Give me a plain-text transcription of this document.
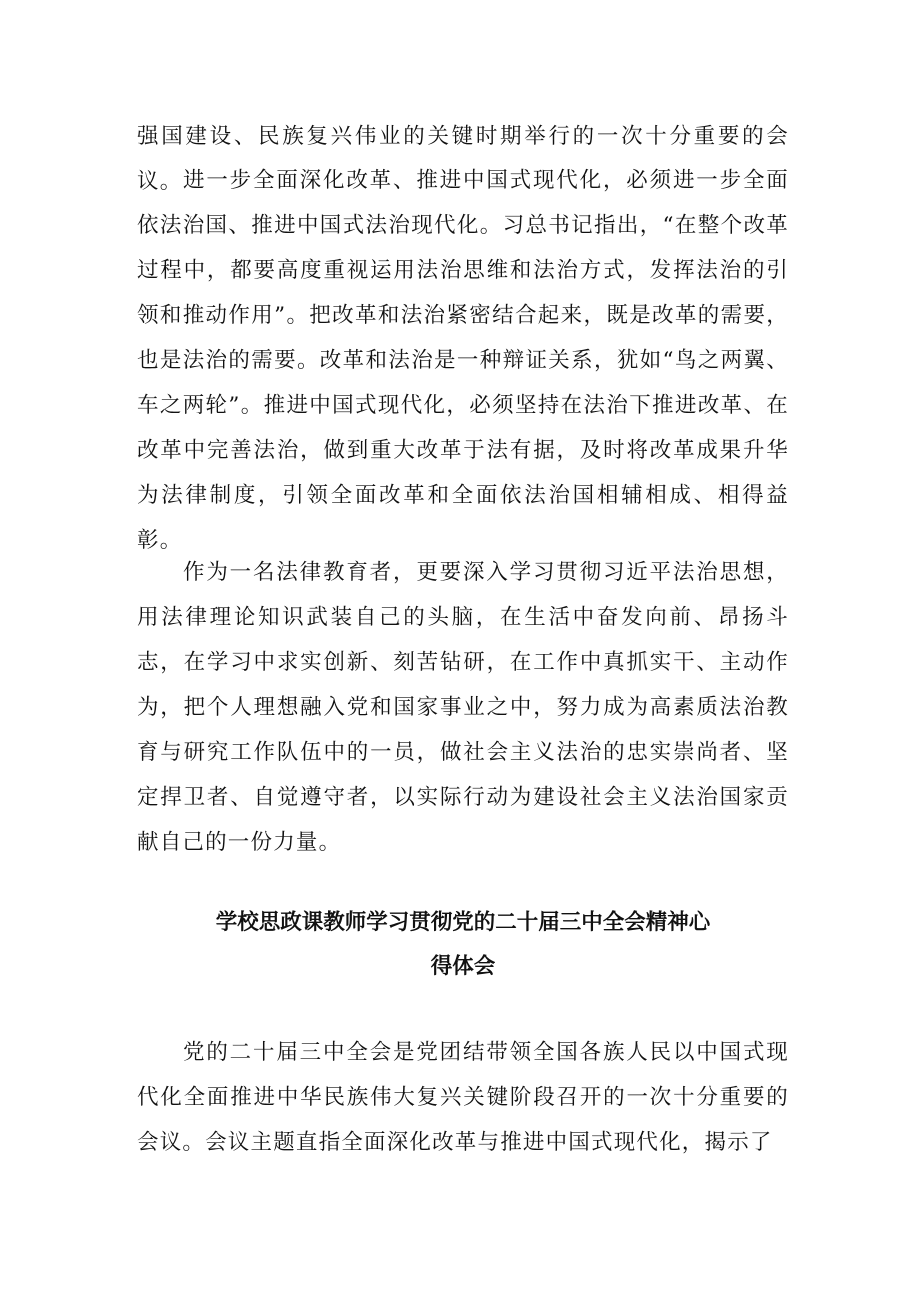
强国建设、民族复兴伟业的关键时期举行的一次十分重要的会议。 进一步全面深化改革、推进中国式现代化，必须进一步全面依法治国、推进中国式法治现代化。习总书记指出，“在整个改革过程中，都要高度重视运用法治思维和法治方式，发挥法治的引领和推动作用”。把改革和法治紧密结合起来，既是改革的需要，也是法治的需要。改革和法治是一种辩证关系，犹如“鸟之两翼、车之两轮”。推进中国式现代化，必须坚持在法治下推进改革、在改革中完善法治，做到重大改革于法有据，及时将改革成果升华为法律制度，引领全面改革和全面依法治国相辅相成、相得益彰。

作为一名法律教育者，更要深入学习贯彻习近平法治思想，用法律理论知识武装自己的头脑，在生活中奋发向前、昂扬斗志，在学习中求实创新、刻苦钻研，在工作中真抓实干、主动作为，把个人理想融入党和国家事业之中，努力成为高素质法治教育与研究工作队伍中的一员，做社会主义法治的忠实崇尚者、坚定捍卫者、自觉遵守者，以实际行动为建设社会主义法治国家贡献自己的一份力量。

学校思政课教师学习贯彻党的二十届三中全会精神心
得体会

党的二十届三中全会是党团结带领全国各族人民以中国式现代化全面推进中华民族伟大复兴关键阶段召开的一次十分重要的会议。会议主题直指全面深化改革与推进中国式现代化，揭示了
